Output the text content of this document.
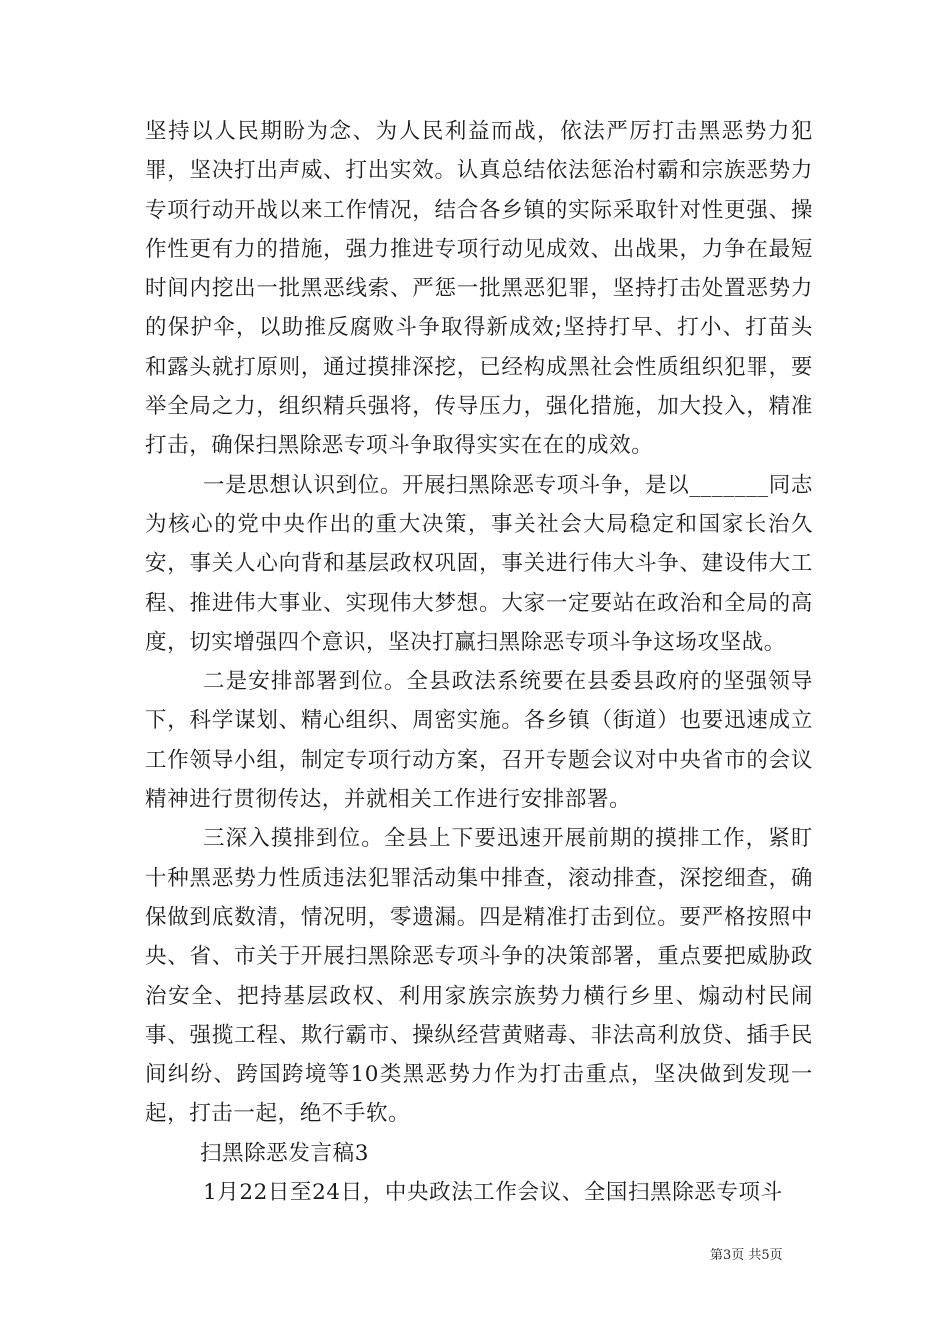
坚持以人民期盼为念、为人民利益而战，依法严厉打击黑恶势力犯罪，坚决打出声威、打出实效。认真总结依法惩治村霸和宗族恶势力专项行动开战以来工作情况，结合各乡镇的实际采取针对性更强、操作性更有力的措施，强力推进专项行动见成效、出战果，力争在最短时间内挖出一批黑恶线索、严惩一批黑恶犯罪，坚持打击处置恶势力的保护伞，以助推反腐败斗争取得新成效;坚持打早、打小、打苗头和露头就打原则，通过摸排深挖，已经构成黑社会性质组织犯罪，要举全局之力，组织精兵强将，传导压力，强化措施，加大投入，精准打击，确保扫黑除恶专项斗争取得实实在在的成效。

一是思想认识到位。开展扫黑除恶专项斗争，是以_______同志为核心的党中央作出的重大决策，事关社会大局稳定和国家长治久安，事关人心向背和基层政权巩固，事关进行伟大斗争、建设伟大工程、推进伟大事业、实现伟大梦想。大家一定要站在政治和全局的高度，切实增强四个意识，坚决打赢扫黑除恶专项斗争这场攻坚战。

二是安排部署到位。全县政法系统要在县委县政府的坚强领导下，科学谋划、精心组织、周密实施。各乡镇（街道）也要迅速成立工作领导小组，制定专项行动方案，召开专题会议对中央省市的会议精神进行贯彻传达，并就相关工作进行安排部署。

三深入摸排到位。全县上下要迅速开展前期的摸排工作，紧盯十种黑恶势力性质违法犯罪活动集中排查，滚动排查，深挖细查，确保做到底数清，情况明，零遗漏。四是精准打击到位。要严格按照中央、省、市关于开展扫黑除恶专项斗争的决策部署，重点要把威胁政治安全、把持基层政权、利用家族宗族势力横行乡里、煽动村民闹事、强揽工程、欺行霸市、操纵经营黄赌毒、非法高利放贷、插手民间纠纷、跨国跨境等10类黑恶势力作为打击重点，坚决做到发现一起，打击一起，绝不手软。

扫黑除恶发言稿3

1月22日至24日，中央政法工作会议、全国扫黑除恶专项斗

第3页 共5页
